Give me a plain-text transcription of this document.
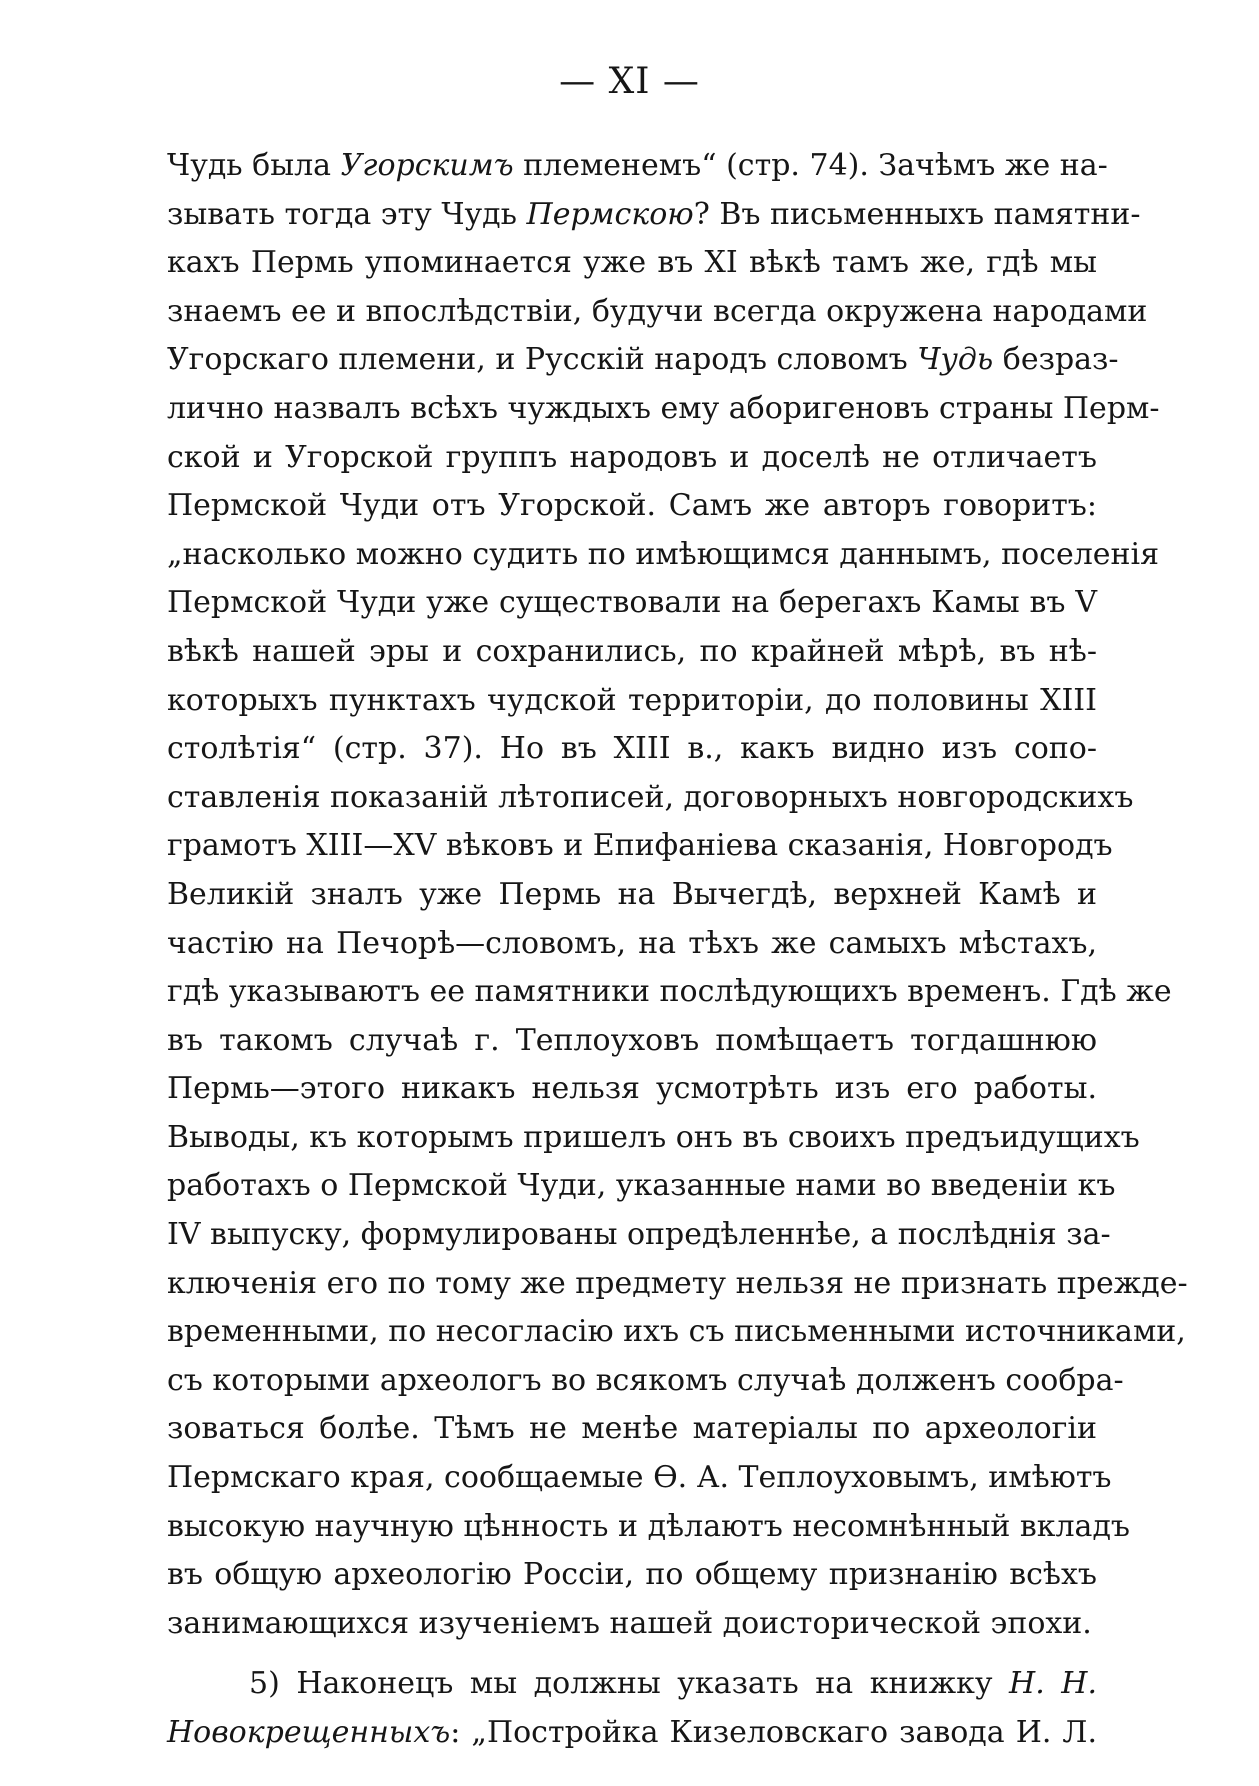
— XI —
Чудь была Угорскимъ племенемъ“ (стр. 74). Зачѣмъ же на-
зывать тогда эту Чудь Пермскою? Въ письменныхъ памятни-
кахъ Пермь упоминается уже въ XI вѣкѣ тамъ же, гдѣ мы
знаемъ ее и впослѣдствіи, будучи всегда окружена народами
Угорскаго племени, и Русскій народъ словомъ Чудь безраз-
лично назвалъ всѣхъ чуждыхъ ему аборигеновъ страны Перм-
ской и Угорской группъ народовъ и доселѣ не отличаетъ
Пермской Чуди отъ Угорской. Самъ же авторъ говоритъ:
„насколько можно судить по имѣющимся даннымъ, поселенія
Пермской Чуди уже существовали на берегахъ Камы въ V
вѣкѣ нашей эры и сохранились, по крайней мѣрѣ, въ нѣ-
которыхъ пунктахъ чудской территоріи, до половины XIII
столѣтія“ (стр. 37). Но въ XIII в., какъ видно изъ сопо-
ставленія показаній лѣтописей, договорныхъ новгородскихъ
грамотъ XIII—XV вѣковъ и Епифаніева сказанія, Новгородъ
Великій зналъ уже Пермь на Вычегдѣ, верхней Камѣ и
частію на Печорѣ—словомъ, на тѣхъ же самыхъ мѣстахъ,
гдѣ указываютъ ее памятники послѣдующихъ временъ. Гдѣ же
въ такомъ случаѣ г. Теплоуховъ помѣщаетъ тогдашнюю
Пермь—этого никакъ нельзя усмотрѣть изъ его работы.
Выводы, къ которымъ пришелъ онъ въ своихъ предъидущихъ
работахъ о Пермской Чуди, указанные нами во введеніи къ
IV выпуску, формулированы опредѣленнѣе, а послѣднія за-
ключенія его по тому же предмету нельзя не признать прежде-
временными, по несогласію ихъ съ письменными источниками,
съ которыми археологъ во всякомъ случаѣ долженъ сообра-
зоваться болѣе. Тѣмъ не менѣе матеріалы по археологіи
Пермскаго края, сообщаемые Ѳ. А. Теплоуховымъ, имѣютъ
высокую научную цѣнность и дѣлаютъ несомнѣнный вкладъ
въ общую археологію Россіи, по общему признанію всѣхъ
занимающихся изученіемъ нашей доисторической эпохи.
5) Наконецъ мы должны указать на книжку Н. Н.
Новокрещенныхъ: „Постройка Кизеловскаго завода И. Л.
